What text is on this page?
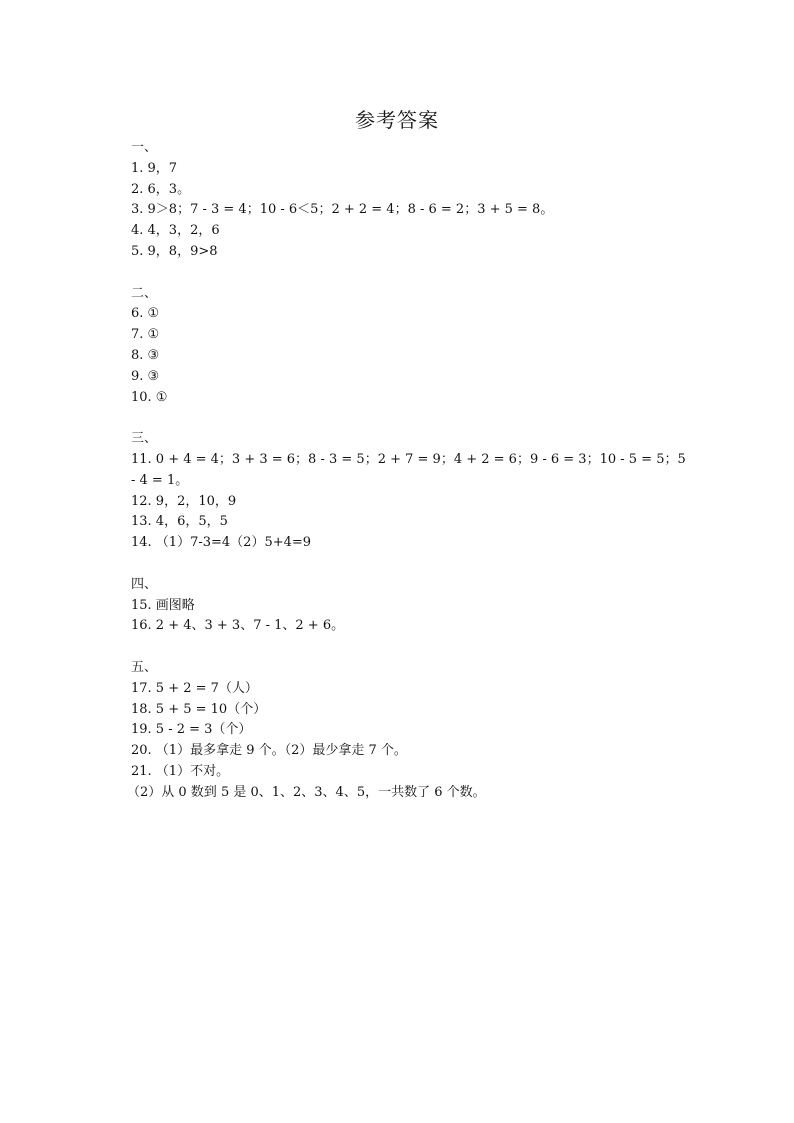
参考答案
一、
1. 9，7
2. 6，3。
3. 9＞8；7 - 3 = 4；10 - 6＜5；2 + 2 = 4；8 - 6 = 2；3 + 5 = 8。
4. 4，3，2，6
5. 9，8，9>8
二、
6. ①
7. ①
8. ③
9. ③
10. ①
三、
11. 0 + 4 = 4；3 + 3 = 6；8 - 3 = 5；2 + 7 = 9；4 + 2 = 6；9 - 6 = 3；10 - 5 = 5；5
- 4 = 1。
12. 9，2，10，9
13. 4，6，5，5
14. （1）7-3=4（2）5+4=9
四、
15. 画图略
16. 2 + 4、3 + 3、7 - 1、2 + 6。
五、
17. 5 + 2 = 7（人）
18. 5 + 5 = 10（个）
19. 5 - 2 = 3（个）
20. （1）最多拿走 9 个。（2）最少拿走 7 个。
21. （1）不对。
（2）从 0 数到 5 是 0、1、2、3、4、5，一共数了 6 个数。
